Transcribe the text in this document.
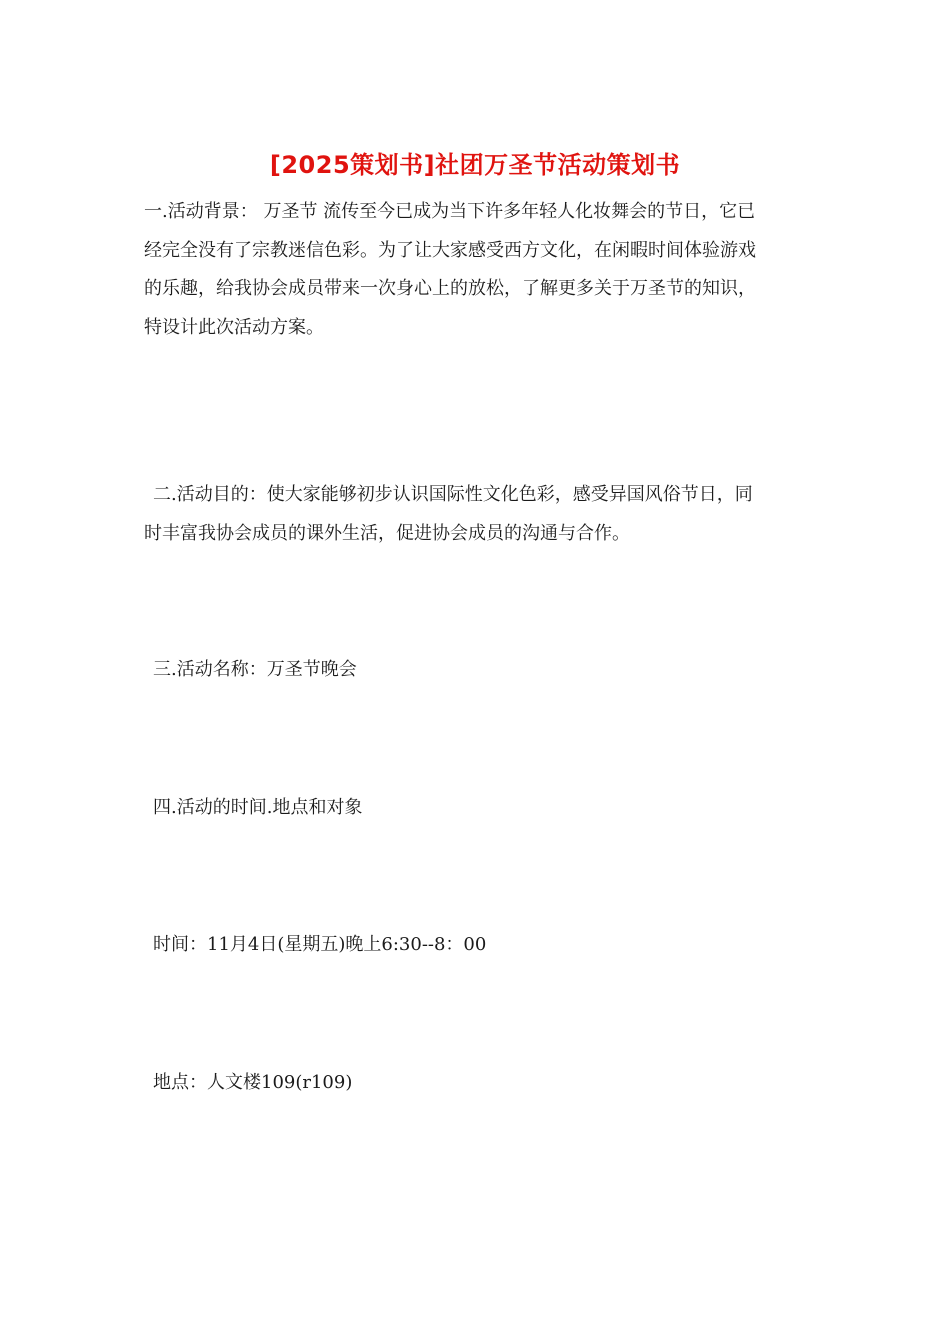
[2025策划书]社团万圣节活动策划书
一.活动背景： 万圣节 流传至今已成为当下许多年轻人化妆舞会的节日，它已
经完全没有了宗教迷信色彩。为了让大家感受西方文化，在闲暇时间体验游戏
的乐趣，给我协会成员带来一次身心上的放松，了解更多关于万圣节的知识，
特设计此次活动方案。
二.活动目的：使大家能够初步认识国际性文化色彩，感受异国风俗节日，同
时丰富我协会成员的课外生活，促进协会成员的沟通与合作。
三.活动名称：万圣节晚会
四.活动的时间.地点和对象
时间：11月4日(星期五)晚上6:30--8：00
地点：人文楼109(r109)
